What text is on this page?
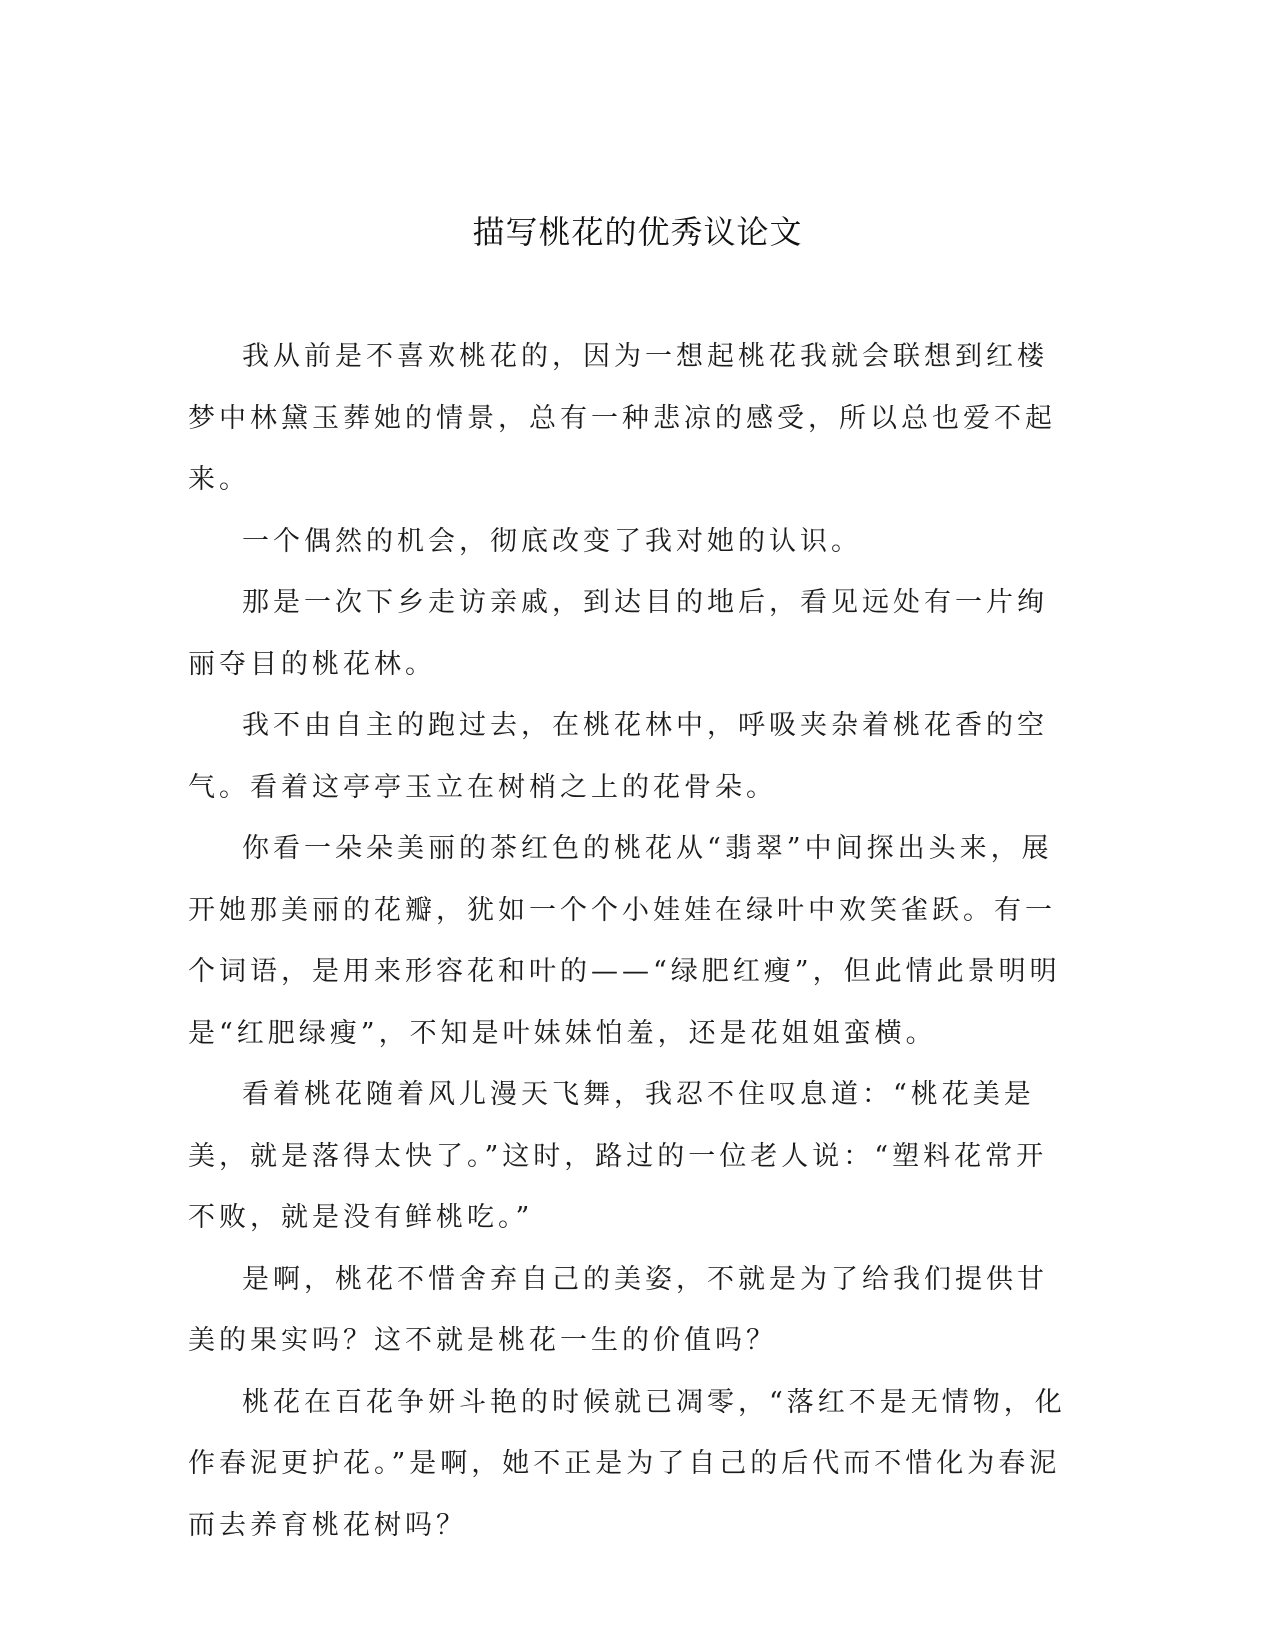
描写桃花的优秀议论文

我从前是不喜欢桃花的，因为一想起桃花我就会联想到红楼梦中林黛玉葬她的情景，总有一种悲凉的感受，所以总也爱不起来。

一个偶然的机会，彻底改变了我对她的认识。

那是一次下乡走访亲戚，到达目的地后，看见远处有一片绚丽夺目的桃花林。

我不由自主的跑过去，在桃花林中，呼吸夹杂着桃花香的空气。看着这亭亭玉立在树梢之上的花骨朵。

你看一朵朵美丽的茶红色的桃花从“翡翠”中间探出头来，展开她那美丽的花瓣，犹如一个个小娃娃在绿叶中欢笑雀跃。有一个词语，是用来形容花和叶的——“绿肥红瘦”，但此情此景明明是“红肥绿瘦”，不知是叶妹妹怕羞，还是花姐姐蛮横。

看着桃花随着风儿漫天飞舞，我忍不住叹息道：“桃花美是美，就是落得太快了。”这时，路过的一位老人说：“塑料花常开不败，就是没有鲜桃吃。”

是啊，桃花不惜舍弃自己的美姿，不就是为了给我们提供甘美的果实吗？这不就是桃花一生的价值吗？

桃花在百花争妍斗艳的时候就已凋零，“落红不是无情物，化作春泥更护花。”是啊，她不正是为了自己的后代而不惜化为春泥而去养育桃花树吗？
